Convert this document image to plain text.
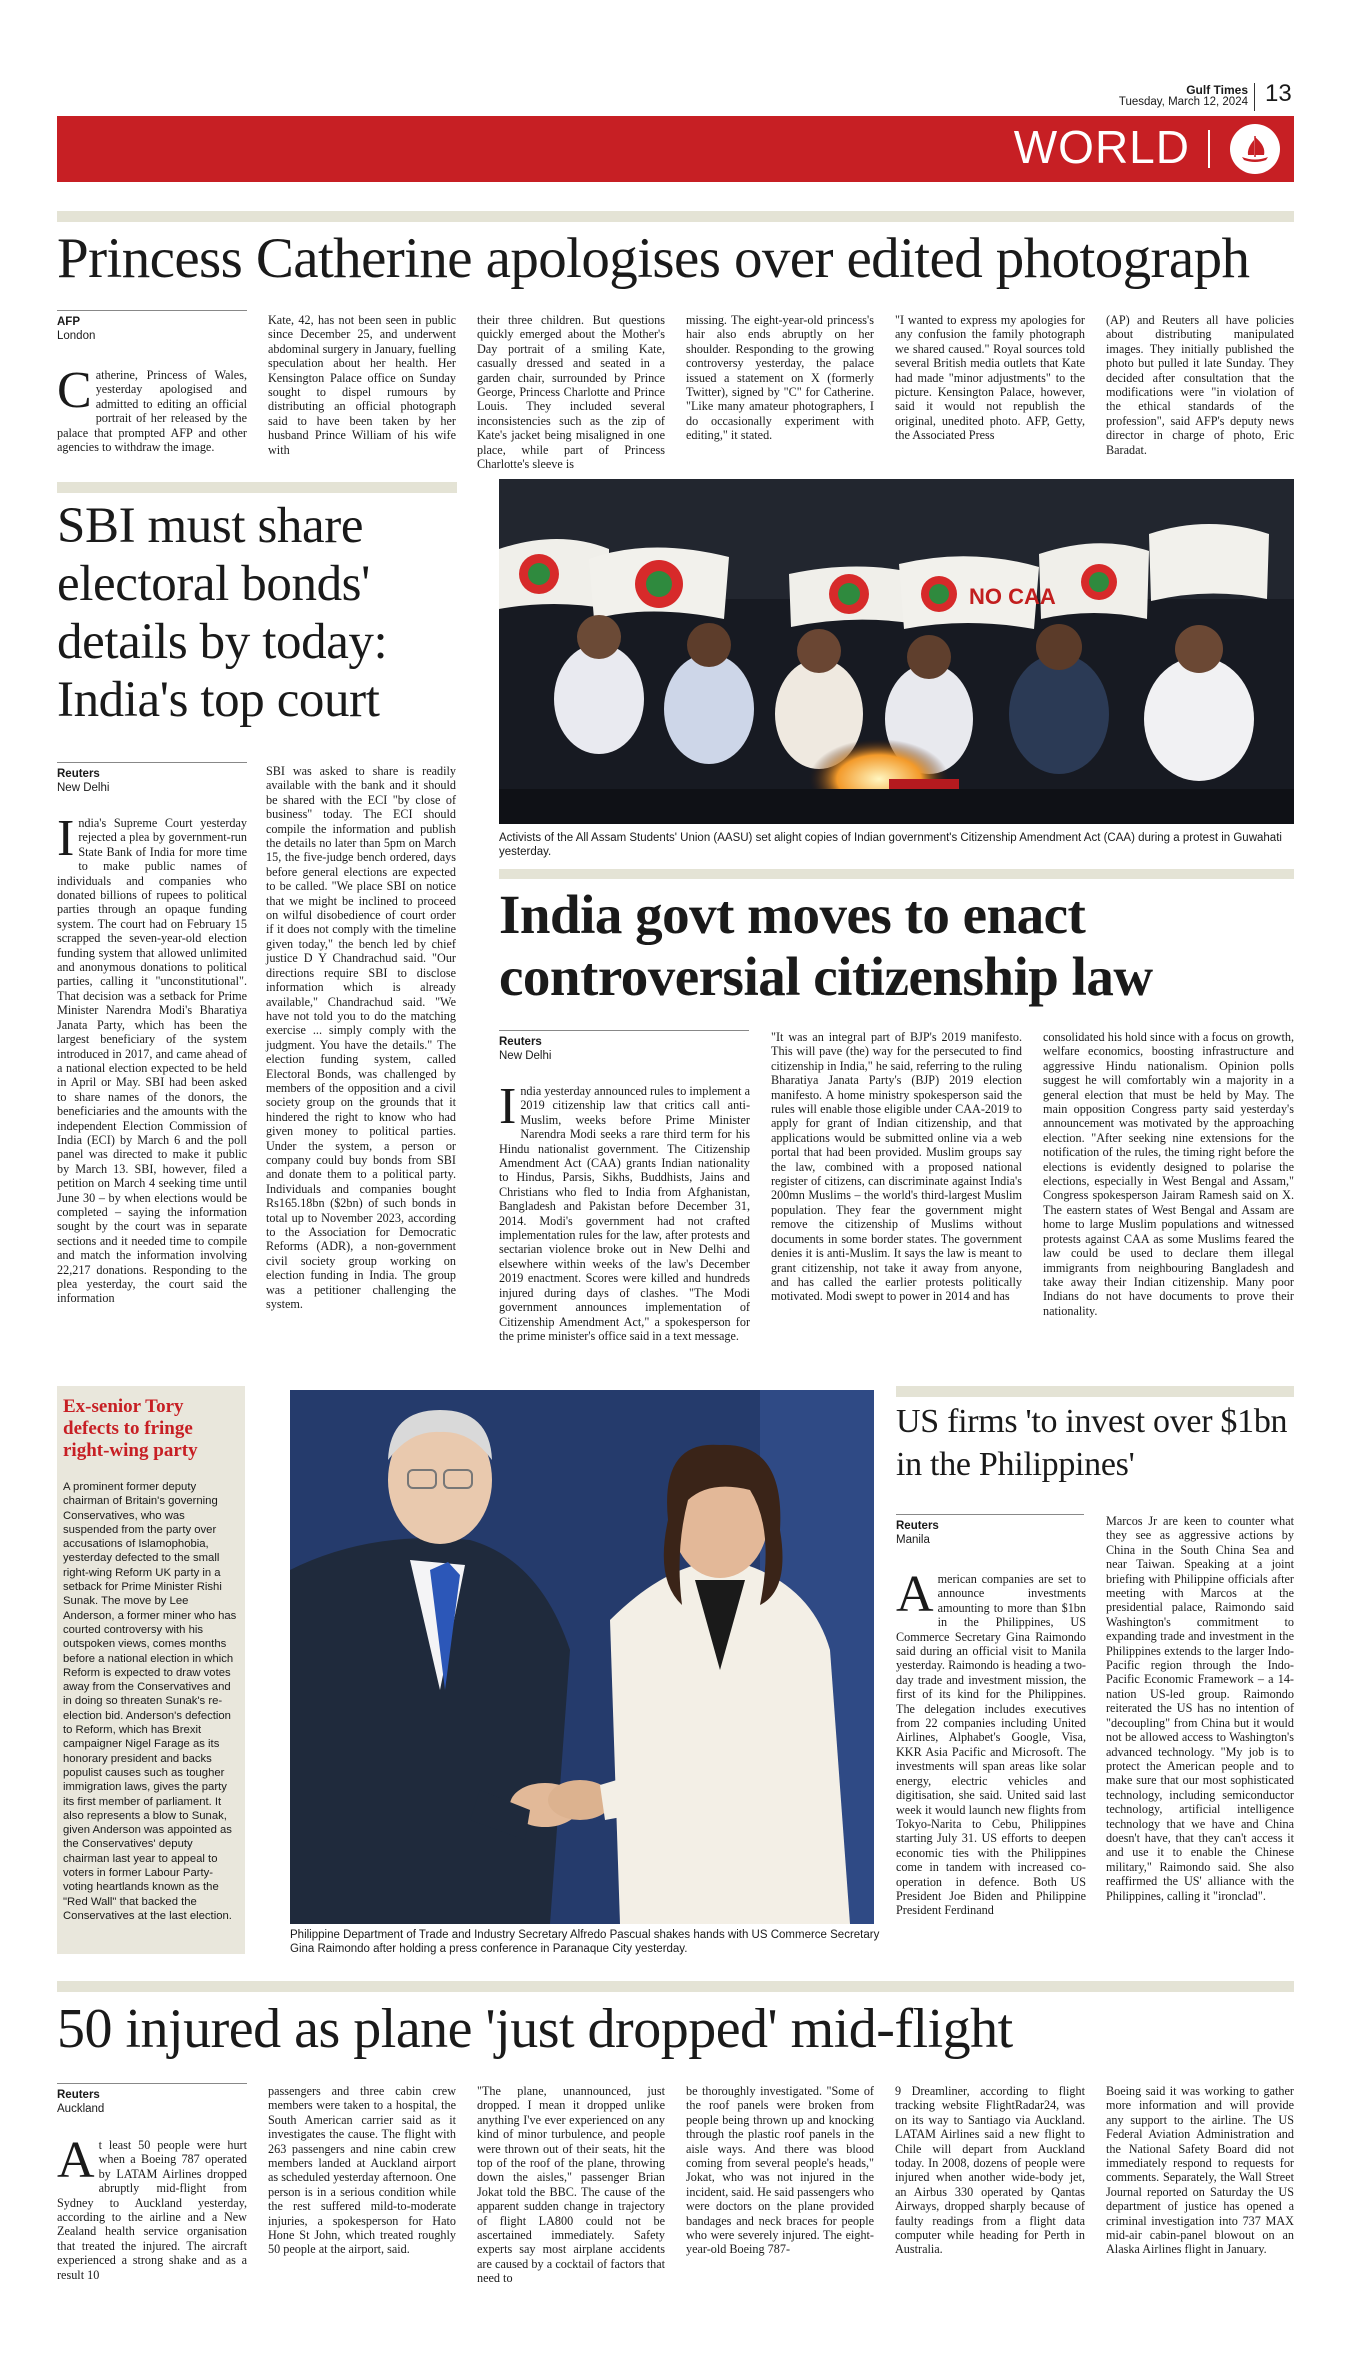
Gulf Times
Tuesday, March 12, 2024 13
WORLD
Princess Catherine apologises over edited photograph
AFP
London
Catherine, Princess of Wales, yesterday apologised and admitted to editing an official portrait of her released by the palace that prompted AFP and other agencies to withdraw the image.

Kate, 42, has not been seen in public since December 25, and underwent abdominal surgery in January, fuelling speculation about her health. Her Kensington Palace office on Sunday sought to dispel rumours by distributing an official photograph said to have been taken by her husband Prince William of his wife with

their three children. But questions quickly emerged about the Mother's Day portrait of a smiling Kate, casually dressed and seated in a garden chair, surrounded by Prince George, Princess Charlotte and Prince Louis. They included several inconsistencies such as the zip of Kate's jacket being misaligned in one place, while part of Princess Charlotte's sleeve is

missing. The eight-year-old princess's hair also ends abruptly on her shoulder. Responding to the growing controversy yesterday, the palace issued a statement on X (formerly Twitter), signed by "C" for Catherine. "Like many amateur photographers, I do occasionally experiment with editing," it stated.

"I wanted to express my apologies for any confusion the family photograph we shared caused." Royal sources told several British media outlets that Kate had made "minor adjustments" to the picture. Kensington Palace, however, said it would not republish the original, unedited photo. AFP, Getty, the Associated Press

(AP) and Reuters all have policies about distributing manipulated images. They initially published the photo but pulled it late Sunday. They decided after consultation that the modifications were "in violation of the ethical standards of the profession", said AFP's deputy news director in charge of photo, Eric Baradat.

SBI must share electoral bonds' details by today: India's top court
Reuters
New Delhi
India's Supreme Court yesterday rejected a plea by government-run State Bank of India for more time to make public names of individuals and companies who donated billions of rupees to political parties through an opaque funding system. The court had on February 15 scrapped the seven-year-old election funding system that allowed unlimited and anonymous donations to political parties, calling it "unconstitutional". That decision was a setback for Prime Minister Narendra Modi's Bharatiya Janata Party, which has been the largest beneficiary of the system introduced in 2017, and came ahead of a national election expected to be held in April or May. SBI had been asked to share names of the donors, the beneficiaries and the amounts with the independent Election Commission of India (ECI) by March 6 and the poll panel was directed to make it public by March 13. SBI, however, filed a petition on March 4 seeking time until June 30 – by when elections would be completed – saying the information sought by the court was in separate sections and it needed time to compile and match the information involving 22,217 donations. Responding to the plea yesterday, the court said the information

SBI was asked to share is readily available with the bank and it should be shared with the ECI "by close of business" today. The ECI should compile the information and publish the details no later than 5pm on March 15, the five-judge bench ordered, days before general elections are expected to be called. "We place SBI on notice that we might be inclined to proceed on wilful disobedience of court order if it does not comply with the timeline given today," the bench led by chief justice D Y Chandrachud said. "Our directions require SBI to disclose information which is already available," Chandrachud said. "We have not told you to do the matching exercise ... simply comply with the judgment. You have the details." The election funding system, called Electoral Bonds, was challenged by members of the opposition and a civil society group on the grounds that it hindered the right to know who had given money to political parties. Under the system, a person or company could buy bonds from SBI and donate them to a political party. Individuals and companies bought Rs165.18bn ($2bn) of such bonds in total up to November 2023, according to the Association for Democratic Reforms (ADR), a non-government civil society group working on election funding in India. The group was a petitioner challenging the system.

NO CAA
Activists of the All Assam Students' Union (AASU) set alight copies of Indian government's Citizenship Amendment Act (CAA) during a protest in Guwahati yesterday.
India govt moves to enact controversial citizenship law
Reuters
New Delhi
India yesterday announced rules to implement a 2019 citizenship law that critics call anti-Muslim, weeks before Prime Minister Narendra Modi seeks a rare third term for his Hindu nationalist government. The Citizenship Amendment Act (CAA) grants Indian nationality to Hindus, Parsis, Sikhs, Buddhists, Jains and Christians who fled to India from Afghanistan, Bangladesh and Pakistan before December 31, 2014. Modi's government had not crafted implementation rules for the law, after protests and sectarian violence broke out in New Delhi and elsewhere within weeks of the law's December 2019 enactment. Scores were killed and hundreds injured during days of clashes. "The Modi government announces implementation of Citizenship Amendment Act," a spokesperson for the prime minister's office said in a text message.

"It was an integral part of BJP's 2019 manifesto. This will pave (the) way for the persecuted to find citizenship in India," he said, referring to the ruling Bharatiya Janata Party's (BJP) 2019 election manifesto. A home ministry spokesperson said the rules will enable those eligible under CAA-2019 to apply for grant of Indian citizenship, and that applications would be submitted online via a web portal that had been provided. Muslim groups say the law, combined with a proposed national register of citizens, can discriminate against India's 200mn Muslims – the world's third-largest Muslim population. They fear the government might remove the citizenship of Muslims without documents in some border states. The government denies it is anti-Muslim. It says the law is meant to grant citizenship, not take it away from anyone, and has called the earlier protests politically motivated. Modi swept to power in 2014 and has

consolidated his hold since with a focus on growth, welfare economics, boosting infrastructure and aggressive Hindu nationalism. Opinion polls suggest he will comfortably win a majority in a general election that must be held by May. The main opposition Congress party said yesterday's announcement was motivated by the approaching election. "After seeking nine extensions for the notification of the rules, the timing right before the elections is evidently designed to polarise the elections, especially in West Bengal and Assam," Congress spokesperson Jairam Ramesh said on X. The eastern states of West Bengal and Assam are home to large Muslim populations and witnessed protests against CAA as some Muslims feared the law could be used to declare them illegal immigrants from neighbouring Bangladesh and take away their Indian citizenship. Many poor Indians do not have documents to prove their nationality.

Ex-senior Tory defects to fringe right-wing party
A prominent former deputy chairman of Britain's governing Conservatives, who was suspended from the party over accusations of Islamophobia, yesterday defected to the small right-wing Reform UK party in a setback for Prime Minister Rishi Sunak. The move by Lee Anderson, a former miner who has courted controversy with his outspoken views, comes months before a national election in which Reform is expected to draw votes away from the Conservatives and in doing so threaten Sunak's re-election bid. Anderson's defection to Reform, which has Brexit campaigner Nigel Farage as its honorary president and backs populist causes such as tougher immigration laws, gives the party its first member of parliament. It also represents a blow to Sunak, given Anderson was appointed as the Conservatives' deputy chairman last year to appeal to voters in former Labour Party-voting heartlands known as the "Red Wall" that backed the Conservatives at the last election.
Philippine Department of Trade and Industry Secretary Alfredo Pascual shakes hands with US Commerce Secretary Gina Raimondo after holding a press conference in Paranaque City yesterday.
US firms 'to invest over $1bn in the Philippines'
Reuters
Manila
American companies are set to announce investments amounting to more than $1bn in the Philippines, US Commerce Secretary Gina Raimondo said during an official visit to Manila yesterday. Raimondo is heading a two-day trade and investment mission, the first of its kind for the Philippines. The delegation includes executives from 22 companies including United Airlines, Alphabet's Google, Visa, KKR Asia Pacific and Microsoft. The investments will span areas like solar energy, electric vehicles and digitisation, she said. United said last week it would launch new flights from Tokyo-Narita to Cebu, Philippines starting July 31. US efforts to deepen economic ties with the Philippines come in tandem with increased co-operation in defence. Both US President Joe Biden and Philippine President Ferdinand

Marcos Jr are keen to counter what they see as aggressive actions by China in the South China Sea and near Taiwan. Speaking at a joint briefing with Philippine officials after meeting with Marcos at the presidential palace, Raimondo said Washington's commitment to expanding trade and investment in the Philippines extends to the larger Indo-Pacific region through the Indo-Pacific Economic Framework – a 14-nation US-led group. Raimondo reiterated the US has no intention of "decoupling" from China but it would not be allowed access to Washington's advanced technology. "My job is to protect the American people and to make sure that our most sophisticated technology, including semiconductor technology, artificial intelligence technology that we have and China doesn't have, that they can't access it and use it to enable the Chinese military," Raimondo said. She also reaffirmed the US' alliance with the Philippines, calling it "ironclad".

50 injured as plane 'just dropped' mid-flight
Reuters
Auckland
At least 50 people were hurt when a Boeing 787 operated by LATAM Airlines dropped abruptly mid-flight from Sydney to Auckland yesterday, according to the airline and a New Zealand health service organisation that treated the injured. The aircraft experienced a strong shake and as a result 10

passengers and three cabin crew members were taken to a hospital, the South American carrier said as it investigates the cause. The flight with 263 passengers and nine cabin crew members landed at Auckland airport as scheduled yesterday afternoon. One person is in a serious condition while the rest suffered mild-to-moderate injuries, a spokesperson for Hato Hone St John, which treated roughly 50 people at the airport, said.

"The plane, unannounced, just dropped. I mean it dropped unlike anything I've ever experienced on any kind of minor turbulence, and people were thrown out of their seats, hit the top of the roof of the plane, throwing down the aisles," passenger Brian Jokat told the BBC. The cause of the apparent sudden change in trajectory of flight LA800 could not be ascertained immediately. Safety experts say most airplane accidents are caused by a cocktail of factors that need to

be thoroughly investigated. "Some of the roof panels were broken from people being thrown up and knocking through the plastic roof panels in the aisle ways. And there was blood coming from several people's heads," Jokat, who was not injured in the incident, said. He said passengers who were doctors on the plane provided bandages and neck braces for people who were severely injured. The eight-year-old Boeing 787-

9 Dreamliner, according to flight tracking website FlightRadar24, was on its way to Santiago via Auckland. LATAM Airlines said a new flight to Chile will depart from Auckland today. In 2008, dozens of people were injured when another wide-body jet, an Airbus 330 operated by Qantas Airways, dropped sharply because of faulty readings from a flight data computer while heading for Perth in Australia.

Boeing said it was working to gather more information and will provide any support to the airline. The US Federal Aviation Administration and the National Safety Board did not immediately respond to requests for comments. Separately, the Wall Street Journal reported on Saturday the US department of justice has opened a criminal investigation into 737 MAX mid-air cabin-panel blowout on an Alaska Airlines flight in January.
